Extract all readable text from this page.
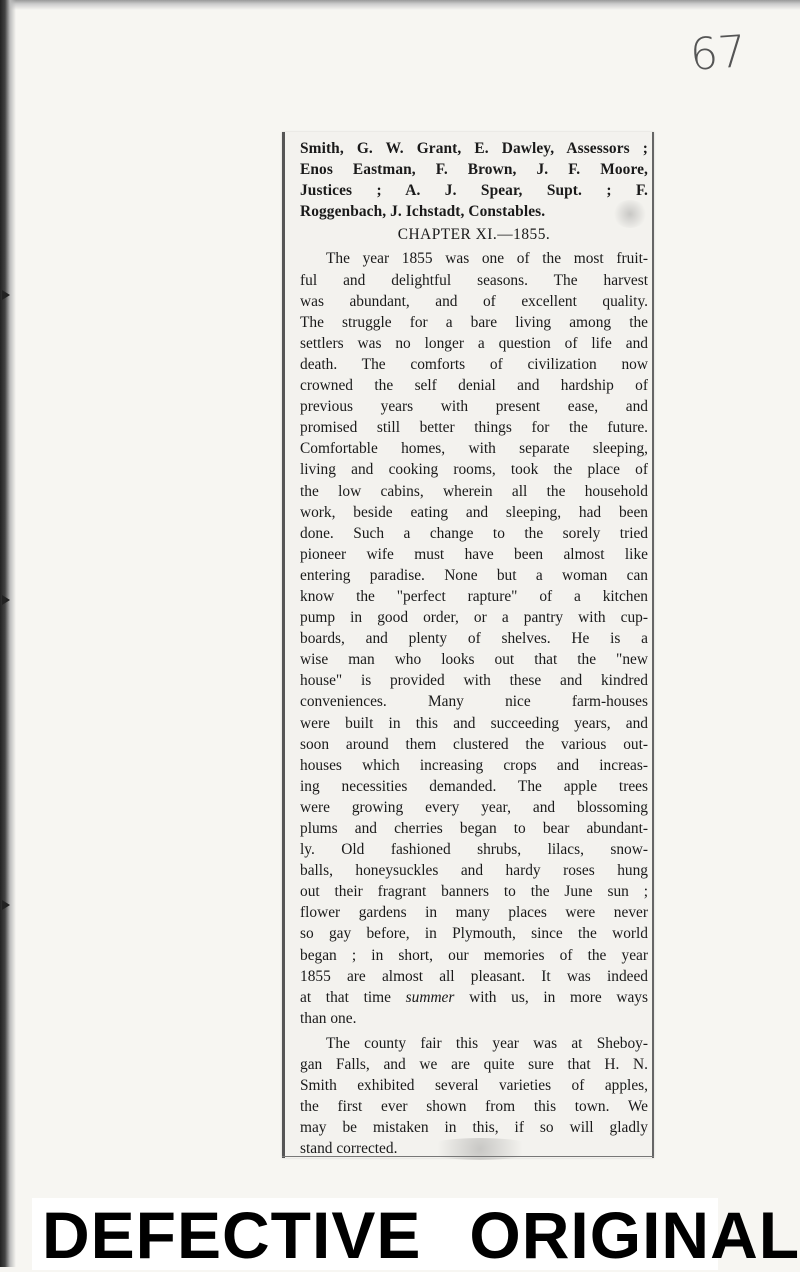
67
Smith, G. W. Grant, E. Dawley, Assessors ;
Enos Eastman, F. Brown, J. F. Moore,
Justices ; A. J. Spear, Supt. ; F.
Roggenbach, J. Ichstadt, Constables.
CHAPTER XI.—1855.
The year 1855 was one of the most fruit-
ful and delightful seasons. The harvest
was abundant, and of excellent quality.
The struggle for a bare living among the
settlers was no longer a question of life and
death. The comforts of civilization now
crowned the self denial and hardship of
previous years with present ease, and
promised still better things for the future.
Comfortable homes, with separate sleeping,
living and cooking rooms, took the place of
the low cabins, wherein all the household
work, beside eating and sleeping, had been
done. Such a change to the sorely tried
pioneer wife must have been almost like
entering paradise. None but a woman can
know the "perfect rapture" of a kitchen
pump in good order, or a pantry with cup-
boards, and plenty of shelves. He is a
wise man who looks out that the "new
house" is provided with these and kindred
conveniences. Many nice farm-houses
were built in this and succeeding years, and
soon around them clustered the various out-
houses which increasing crops and increas-
ing necessities demanded. The apple trees
were growing every year, and blossoming
plums and cherries began to bear abundant-
ly. Old fashioned shrubs, lilacs, snow-
balls, honeysuckles and hardy roses hung
out their fragrant banners to the June sun ;
flower gardens in many places were never
so gay before, in Plymouth, since the world
began ; in short, our memories of the year
1855 are almost all pleasant. It was indeed
at that time summer with us, in more ways
than one.
The county fair this year was at Sheboy-
gan Falls, and we are quite sure that H. N.
Smith exhibited several varieties of apples,
the first ever shown from this town. We
may be mistaken in this, if so will gladly
stand corrected.
DEFECTIVE ORIGINAL
